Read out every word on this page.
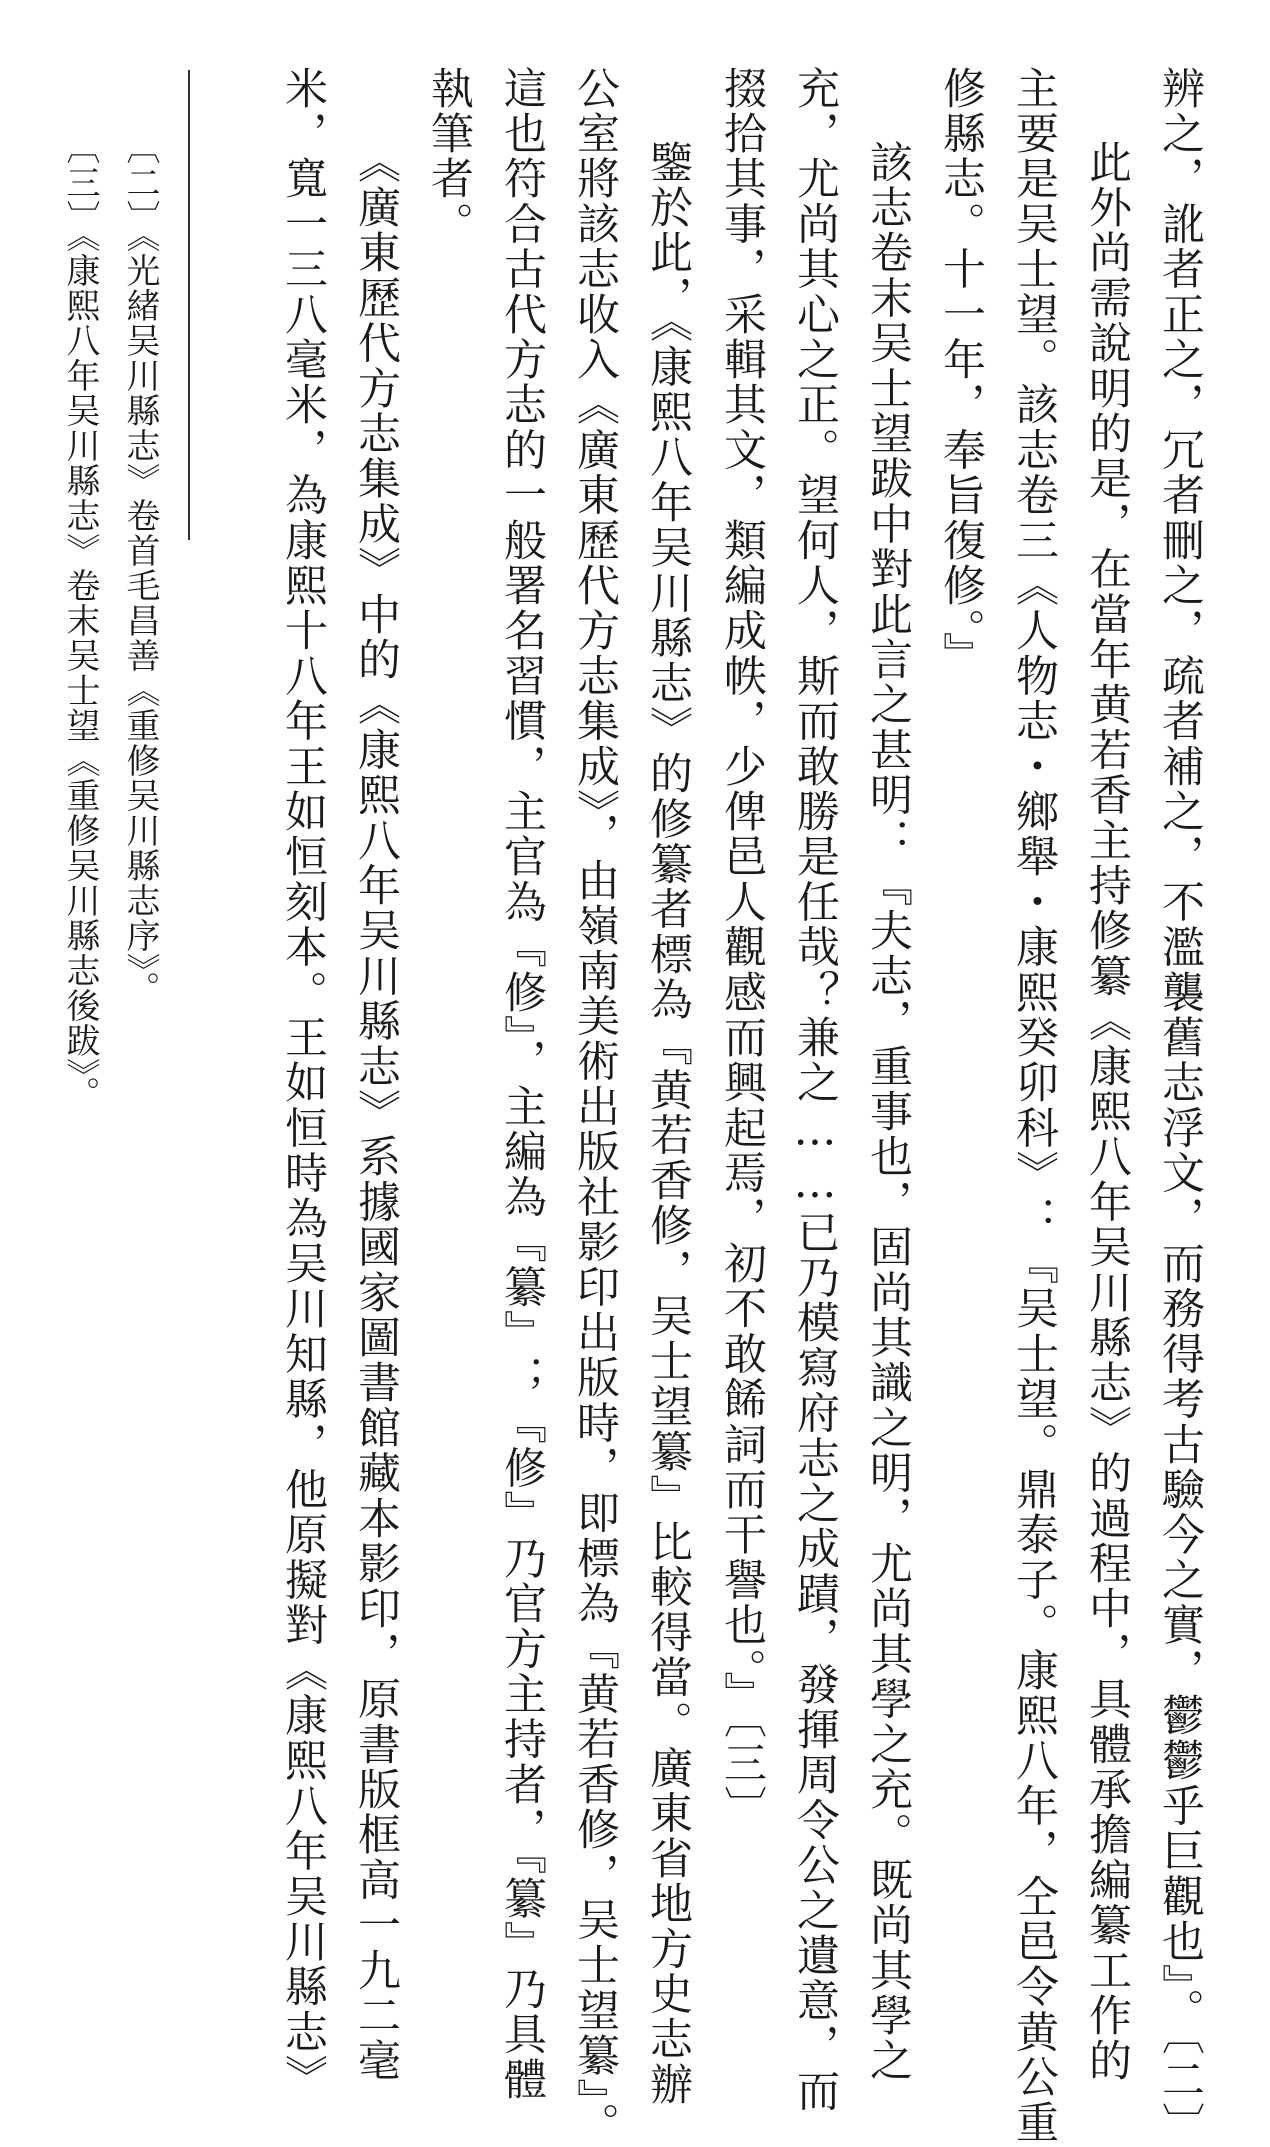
辨之，訛者正之，冗者刪之，疏者補之，不濫襲舊志浮文，而務得考古驗今之實，鬱鬱乎巨觀也』。〔二〕
此外尚需說明的是，在當年黄若香主持修纂《康熙八年吴川縣志》的過程中，具體承擔編纂工作的
主要是吴士望。該志卷三《人物志・鄉舉・康熙癸卯科》：『吴士望。鼎泰子。康熙八年，仝邑令黄公重
修縣志。十一年，奉旨復修。』
該志卷末吴士望跋中對此言之甚明：『夫志，重事也，固尚其識之明，尤尚其學之充。既尚其學之
充，尤尚其心之正。望何人，斯而敢勝是任哉？兼之……已乃模寫府志之成蹟，發揮周令公之遺意，而
掇拾其事，采輯其文，類編成帙，少俾邑人觀感而興起焉，初不敢餙詞而干譽也。』〔三〕
鑒於此，《康熙八年吴川縣志》的修纂者標為『黄若香修，吴士望纂』比較得當。廣東省地方史志辦
公室將該志收入《廣東歷代方志集成》，由嶺南美術出版社影印出版時，即標為『黄若香修，吴士望纂』。
這也符合古代方志的一般署名習慣，主官為『修』，主編為『纂』；『修』乃官方主持者，『纂』乃具體
執筆者。
《廣東歷代方志集成》中的《康熙八年吴川縣志》系據國家圖書館藏本影印，原書版框高一九二毫
米，寬一三八毫米，為康熙十八年王如恒刻本。王如恒時為吴川知縣，他原擬對《康熙八年吴川縣志》
〔二〕《光緒吴川縣志》卷首毛昌善《重修吴川縣志序》。
〔三〕《康熙八年吴川縣志》卷末吴士望《重修吴川縣志後跋》。
